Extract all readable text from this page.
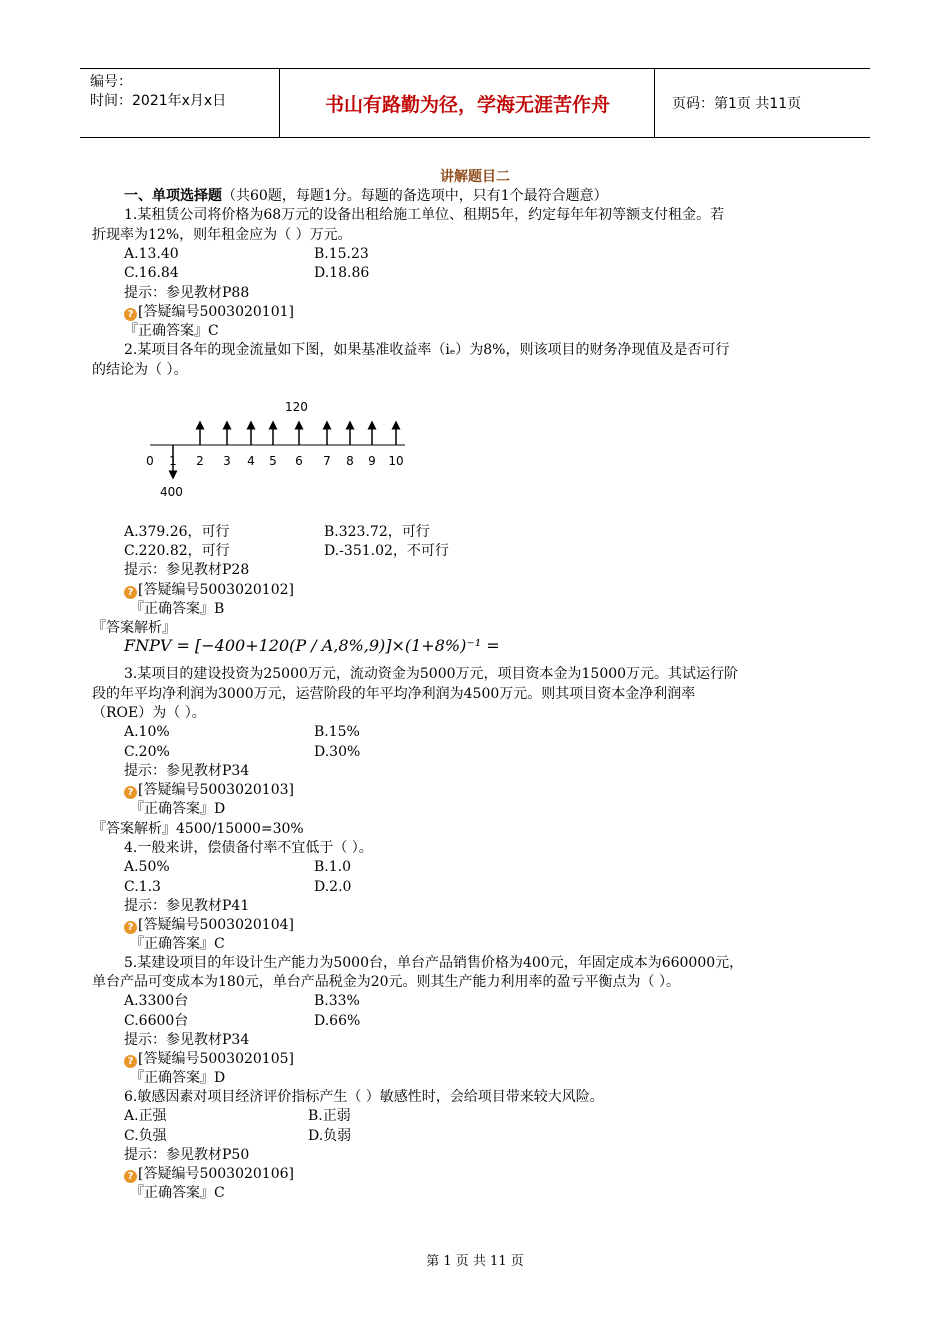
编号：
时间：2021年x月x日	书山有路勤为径，学海无涯苦作舟	页码：第1页 共11页
讲解题目二
一、单项选择题（共60题，每题1分。每题的备选项中，只有1个最符合题意）
1.某租赁公司将价格为68万元的设备出租给施工单位、租期5年，约定每年年初等额支付租金。若
折现率为12%，则年租金应为（ ）万元。
A.13.40	B.15.23
C.16.84	D.18.86
提示：参见教材P88
? [答疑编号5003020101]
『正确答案』C
2.某项目各年的现金流量如下图，如果基准收益率（iₑ）为8%，则该项目的财务净现值及是否可行
的结论为（ ）。
120
400
0 1 2 3 4 5 6 7 8 9 10
A.379.26，可行	B.323.72，可行
C.220.82，可行	D.-351.02，不可行
提示：参见教材P28
? [答疑编号5003020102]
『正确答案』B
『答案解析』
FNPV = [−400+120(P / A,8%,9)]×(1+8%)⁻¹ =
3.某项目的建设投资为25000万元，流动资金为5000万元，项目资本金为15000万元。其试运行阶
段的年平均净利润为3000万元，运营阶段的年平均净利润为4500万元。则其项目资本金净利润率
（ROE）为（ ）。
A.10%	B.15%
C.20%	D.30%
提示：参见教材P34
? [答疑编号5003020103]
『正确答案』D
『答案解析』4500/15000=30%
4.一般来讲，偿债备付率不宜低于（ ）。
A.50%	B.1.0
C.1.3	D.2.0
提示：参见教材P41
? [答疑编号5003020104]
『正确答案』C
5.某建设项目的年设计生产能力为5000台，单台产品销售价格为400元，年固定成本为660000元，
单台产品可变成本为180元，单台产品税金为20元。则其生产能力利用率的盈亏平衡点为（ ）。
A.3300台	B.33%
C.6600台	D.66%
提示：参见教材P34
? [答疑编号5003020105]
『正确答案』D
6.敏感因素对项目经济评价指标产生（ ）敏感性时，会给项目带来较大风险。
A.正强	B.正弱
C.负强	D.负弱
提示：参见教材P50
? [答疑编号5003020106]
『正确答案』C
第 1 页 共 11 页
